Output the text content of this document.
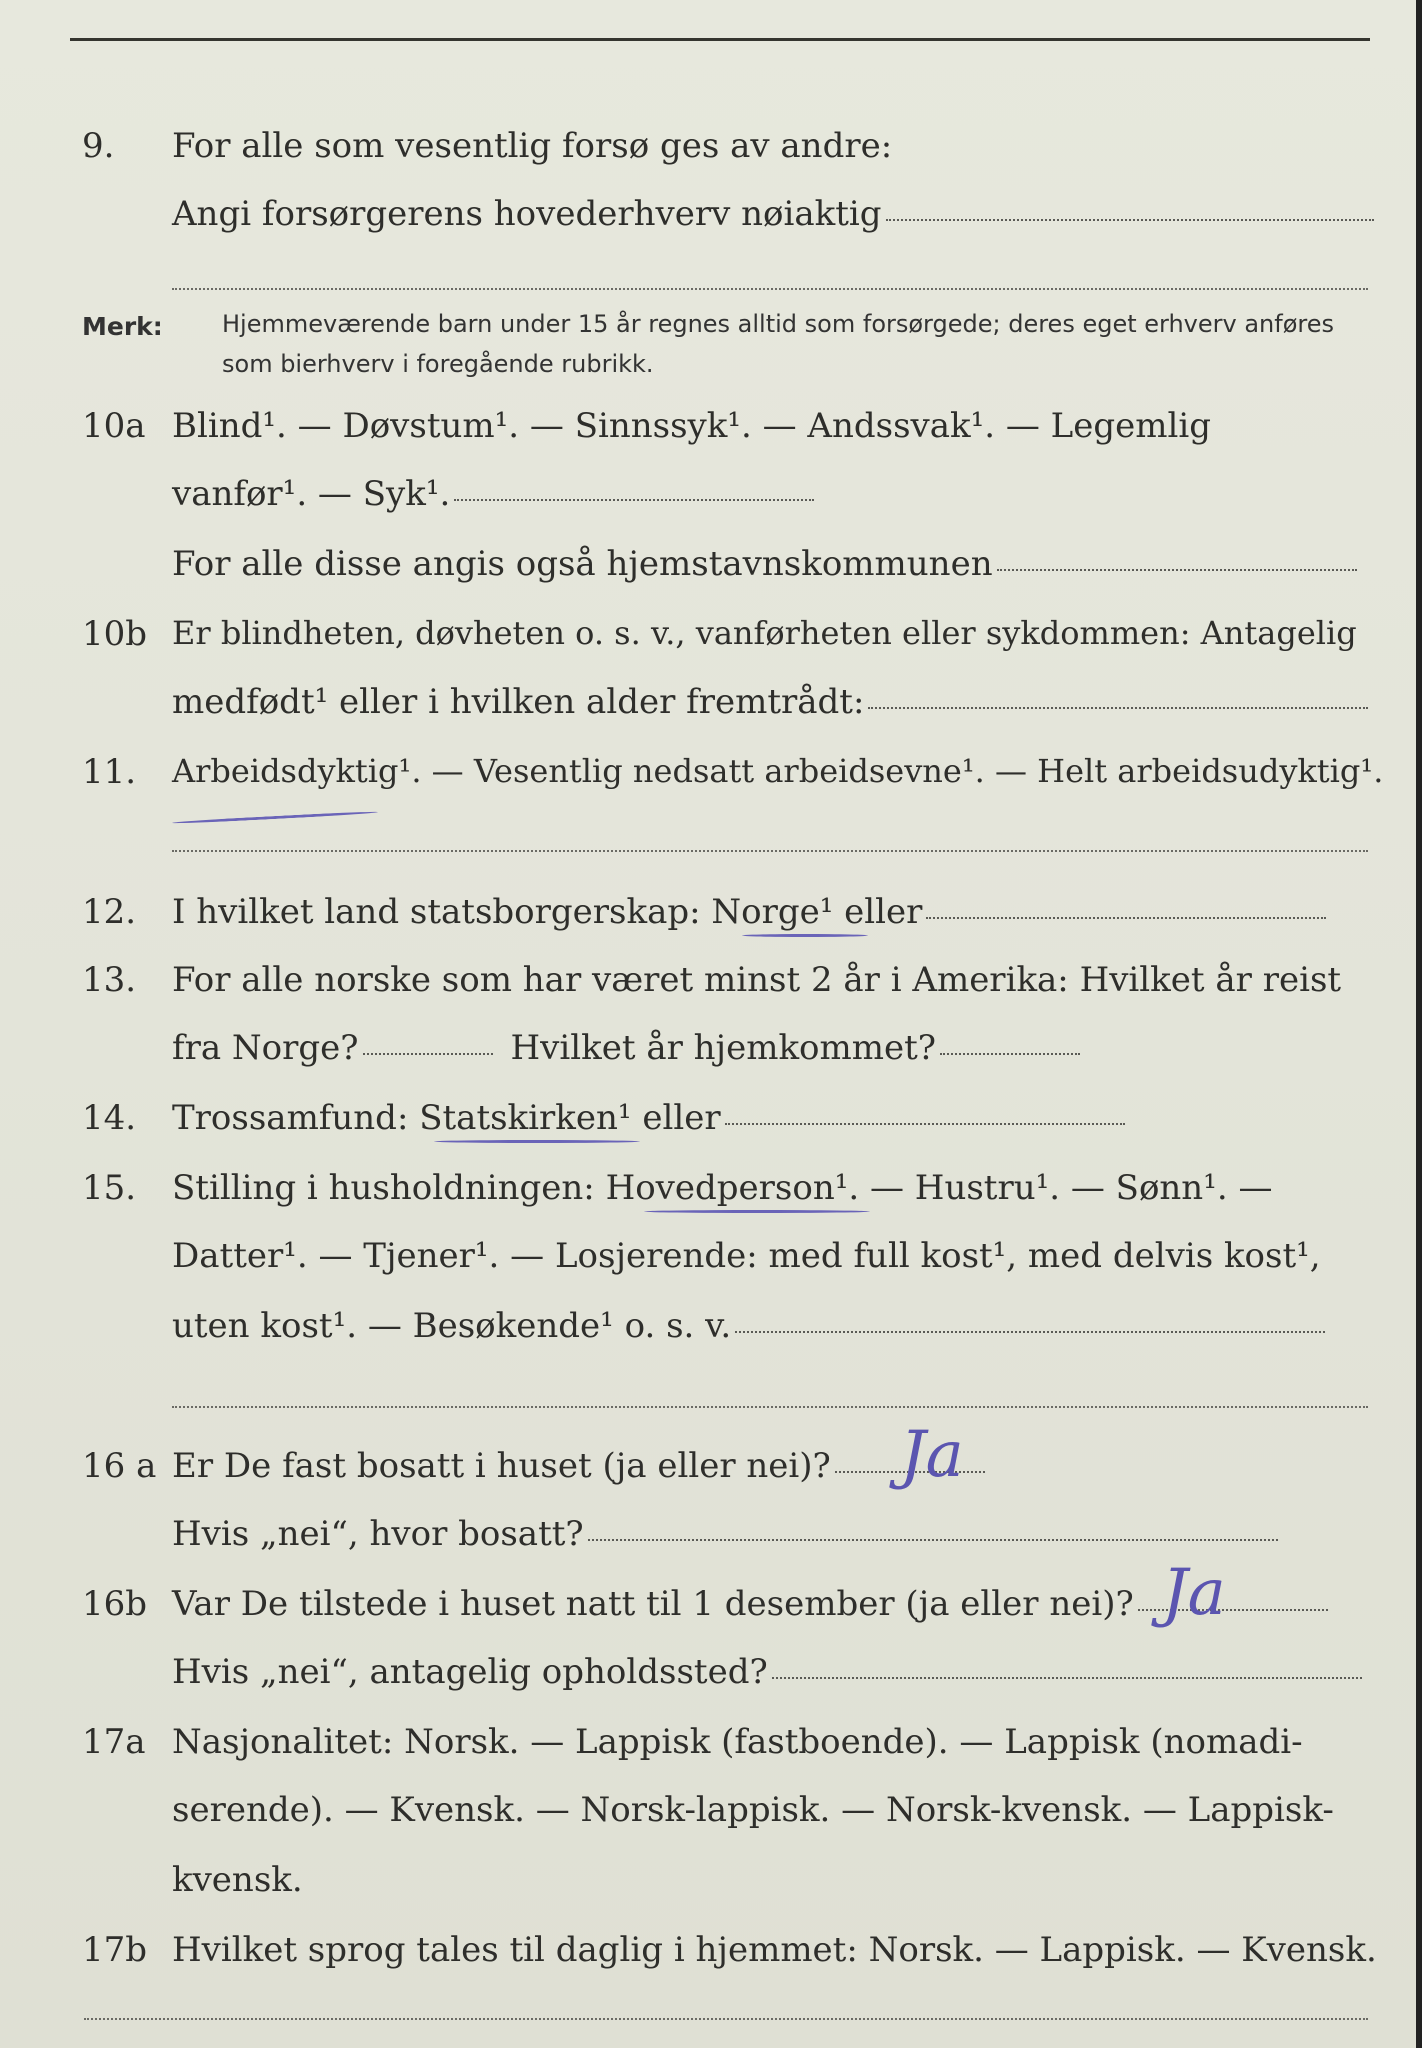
9. For alle som vesentlig forsø ges av andre:
Angi forsørgerens hovederhverv nøiaktig
Merk: Hjemmeværende barn under 15 år regnes alltid som forsørgede; deres eget erhverv anføres som bierhverv i foregående rubrikk.
10a Blind¹. — Døvstum¹. — Sinnssyk¹. — Andssvak¹. — Legemlig
vanfør¹. — Syk¹.
For alle disse angis også hjemstavnskommunen
10b Er blindheten, døvheten o. s. v., vanførheten eller sykdommen: Antagelig
medfødt¹ eller i hvilken alder fremtrådt:
11. Arbeidsdyktig¹. — Vesentlig nedsatt arbeidsevne¹. — Helt arbeidsudyktig¹.
12. I hvilket land statsborgerskap: Norge¹ eller
13. For alle norske som har været minst 2 år i Amerika: Hvilket år reist
fra Norge?	Hvilket år hjemkommet?
14. Trossamfund: Statskirken¹ eller
15. Stilling i husholdningen: Hovedperson¹. — Hustru¹. — Sønn¹. —
Datter¹. — Tjener¹. — Losjerende: med full kost¹, med delvis kost¹,
uten kost¹. — Besøkende¹ o. s. v.
16 a Er De fast bosatt i huset (ja eller nei)? Ja
Hvis „nei“, hvor bosatt?
16b Var De tilstede i huset natt til 1 desember (ja eller nei)? Ja
Hvis „nei“, antagelig opholdssted?
17a Nasjonalitet: Norsk. — Lappisk (fastboende). — Lappisk (nomadi-
serende). — Kvensk. — Norsk-lappisk. — Norsk-kvensk. — Lappisk-
kvensk.
17b Hvilket sprog tales til daglig i hjemmet: Norsk. — Lappisk. — Kvensk.
